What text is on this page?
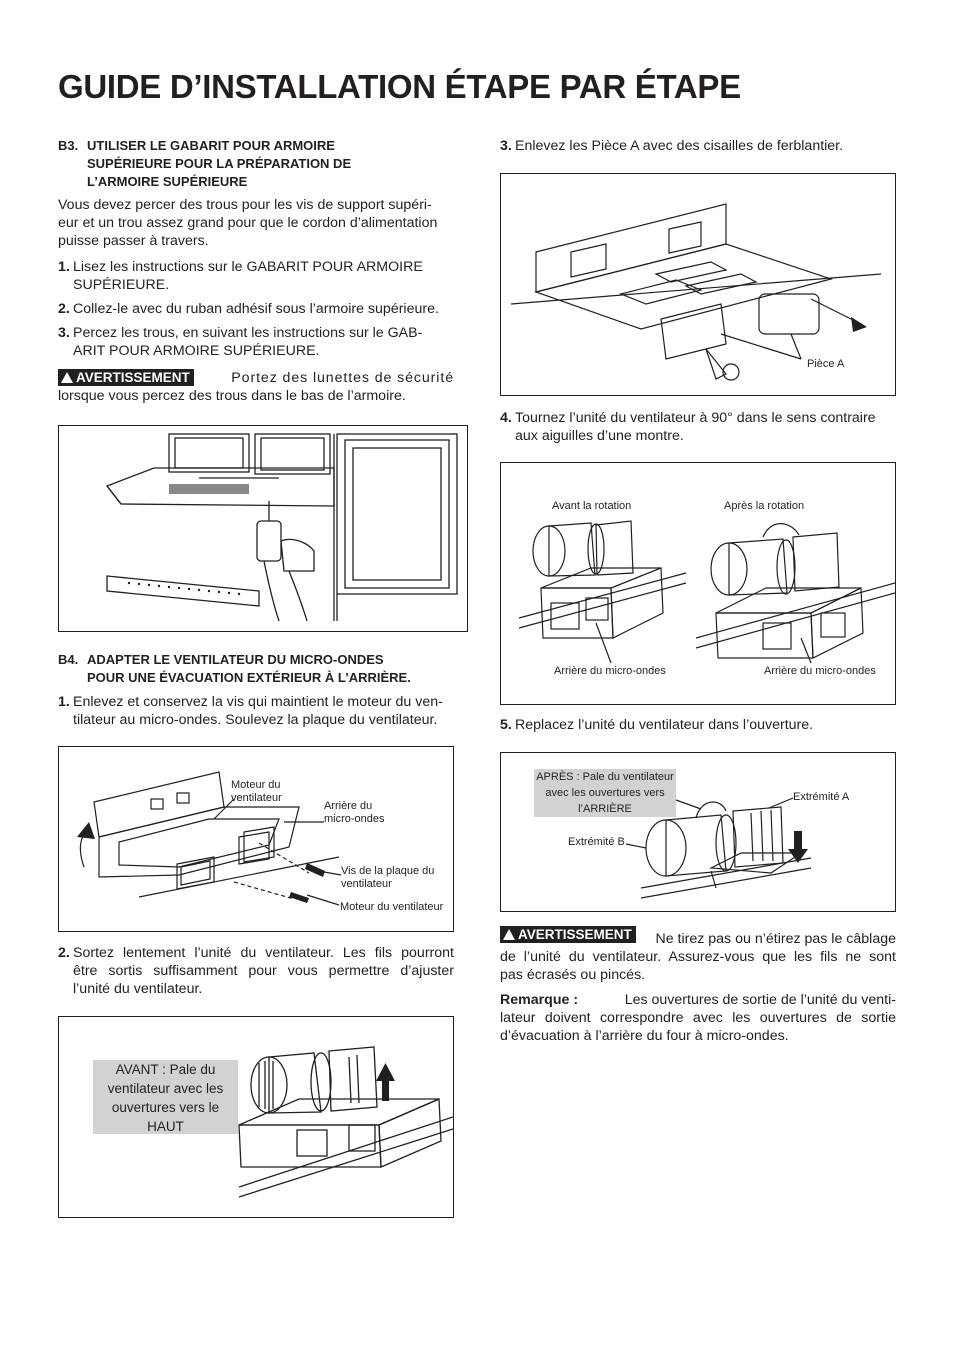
GUIDE D’INSTALLATION ÉTAPE PAR ÉTAPE
B3. UTILISER LE GABARIT POUR ARMOIRE
SUPÉRIEURE POUR LA PRÉPARATION DE
L’ARMOIRE SUPÉRIEURE
Vous devez percer des trous pour les vis de support supéri-
eur et un trou assez grand pour que le cordon d’alimentation
puisse passer à travers.
1. Lisez les instructions sur le GABARIT POUR ARMOIRE
SUPÉRIEURE.
2. Collez-le avec du ruban adhésif sous l’armoire supérieure.
3. Percez les trous, en suivant les instructions sur le GAB-
ARIT POUR ARMOIRE SUPÉRIEURE.
AVERTISSEMENT	Portez des lunettes de sécurité
lorsque vous percez des trous dans le bas de l’armoire.
B4. ADAPTER LE VENTILATEUR DU MICRO-ONDES
POUR UNE ÉVACUATION EXTÉRIEUR À L’ARRIÈRE.
1. Enlevez et conservez la vis qui maintient le moteur du ven-
tilateur au micro-ondes. Soulevez la plaque du ventilateur.
Moteur du
ventilateur
Arrière du
micro-ondes
Vis de la plaque du
ventilateur
Moteur du ventilateur
2. Sortez lentement l’unité du ventilateur. Les fils pourront
être sortis suffisamment pour vous permettre d’ajuster
l’unité du ventilateur.
AVANT : Pale du
ventilateur avec les
ouvertures vers le
HAUT
3. Enlevez les Pièce A avec des cisailles de ferblantier.
Pièce A
4. Tournez l’unité du ventilateur à 90° dans le sens contraire
aux aiguilles d’une montre.
Avant la rotation	Après la rotation
Arrière du micro-ondes	Arrière du micro-ondes
5. Replacez l’unité du ventilateur dans l’ouverture.
APRÈS : Pale du ventilateur
avec les ouvertures vers
l’ARRIÈRE
Extrémité A
Extrémité B
AVERTISSEMENT Ne tirez pas ou n’étirez pas le câblage
de l’unité du ventilateur. Assurez-vous que les fils ne sont
pas écrasés ou pincés.
Remarque :	Les ouvertures de sortie de l’unité du venti-
lateur doivent correspondre avec les ouvertures de sortie
d’évacuation à l’arrière du four à micro-ondes.
